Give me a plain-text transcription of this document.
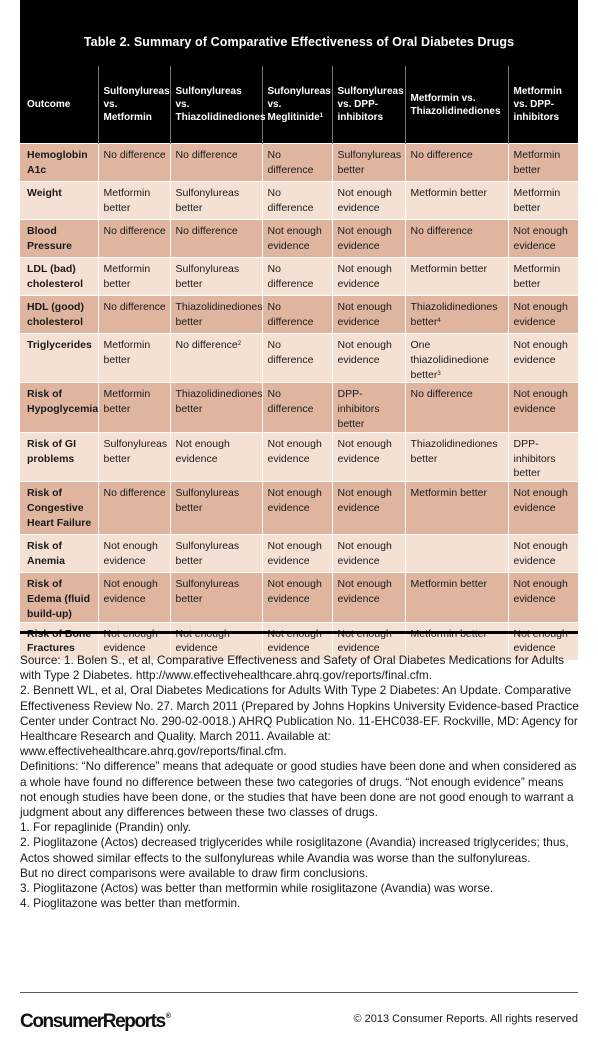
Table 2. Summary of Comparative Effectiveness of Oral Diabetes Drugs
Outcome	Sulfonylureas vs. Metformin	Sulfonylureas vs. Thiazolidinediones	Sufonylureas vs. Meglitinide$^1$	Sulfonylureas vs. DPP-inhibitors	Metformin vs. Thiazolidinediones	Metformin vs. DPP-inhibitors
Hemoglobin A1c	No difference	No difference	No difference	Sulfonylureas better	No difference	Metformin better
Weight	Metformin better	Sulfonylureas better	No difference	Not enough evidence	Metformin better	Metformin better
Blood Pressure	No difference	No difference	Not enough evidence	Not enough evidence	No difference	Not enough evidence
LDL (bad) cholesterol	Metformin better	Sulfonylureas better	No difference	Not enough evidence	Metformin better	Metformin better
HDL (good) cholesterol	No difference	Thiazolidinediones better	No difference	Not enough evidence	Thiazolidinediones better$^4$	Not enough evidence
Triglycerides	Metformin better	No difference$^2$	No difference	Not enough evidence	One thiazolidinedione better$^3$	Not enough evidence
Risk of Hypoglycemia	Metformin better	Thiazolidinediones better	No difference	DPP-inhibitors better	No difference	Not enough evidence
Risk of GI problems	Sulfonylureas better	Not enough evidence	Not enough evidence	Not enough evidence	Thiazolidinediones better	DPP-inhibitors better
Risk of Congestive Heart Failure	No difference	Sulfonylureas better	Not enough evidence	Not enough evidence	Metformin better	Not enough evidence
Risk of Anemia	Not enough evidence	Sulfonylureas better	Not enough evidence	Not enough evidence		Not enough evidence
Risk of Edema (fluid build-up)	Not enough evidence	Sulfonylureas better	Not enough evidence	Not enough evidence	Metformin better	Not enough evidence
Fractures	evidence	evidence	evidence	evidence		evidence

Source: 1. Bolen S., et al, Comparative Effectiveness and Safety of Oral Diabetes Medications for Adults with Type 2 Diabetes. http://www.effectivehealthcare.ahrq.gov/reports/final.cfm.

2. Bennett WL, et al, Oral Diabetes Medications for Adults With Type 2 Diabetes: An Update. Comparative Effectiveness Review No. 27. March 2011 (Prepared by Johns Hopkins University Evidence-based Practice Center under Contract No. 290-02-0018.) AHRQ Publication No. 11-EHC038-EF. Rockville, MD: Agency for Healthcare Research and Quality. March 2011. Available at: www.effectivehealthcare.ahrq.gov/reports/final.cfm.

Definitions: “No difference” means that adequate or good studies have been done and when considered as a whole have found no difference between these two categories of drugs. “Not enough evidence” means not enough studies have been done, or the studies that have been done are not good enough to warrant a judgment about any differences between these two classes of drugs.

1. For repaglinide (Prandin) only.

2. Pioglitazone (Actos) decreased triglycerides while rosiglitazone (Avandia) increased triglycerides; thus, Actos showed similar effects to the sulfonylureas while Avandia was worse than the sulfonylureas.

But no direct comparisons were available to draw firm conclusions.

3. Pioglitazone (Actos) was better than metformin while rosiglitazone (Avandia) was worse.

4. Pioglitazone was better than metformin.

ConsumerReports®	© 2013 Consumer Reports. All rights reserved
